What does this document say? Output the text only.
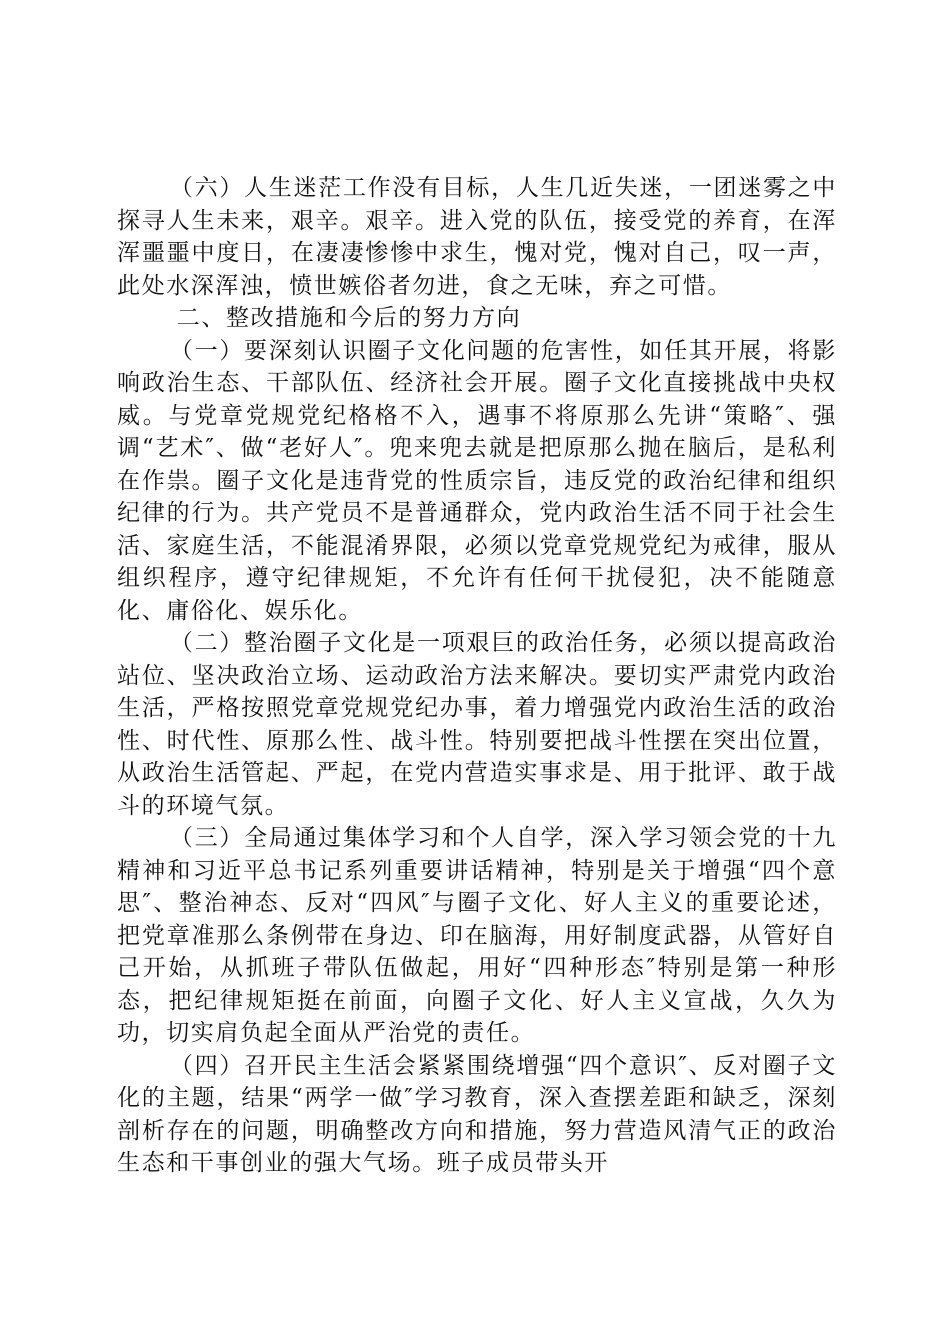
（六）人生迷茫工作没有目标，人生几近失迷，一团迷雾之中探寻人生未来，艰辛。艰辛。进入党的队伍，接受党的养育，在浑浑噩噩中度日，在凄凄惨惨中求生，愧对党，愧对自己，叹一声，此处水深浑浊，愤世嫉俗者勿进，食之无味，弃之可惜。

二、整改措施和今后的努力方向

（一）要深刻认识圈子文化问题的危害性，如任其开展，将影响政治生态、干部队伍、经济社会开展。圈子文化直接挑战中央权威。与党章党规党纪格格不入，遇事不将原那么先讲“策略″、强调“艺术″、做“老好人″。兜来兜去就是把原那么抛在脑后，是私利在作祟。圈子文化是违背党的性质宗旨，违反党的政治纪律和组织纪律的行为。共产党员不是普通群众，党内政治生活不同于社会生活、家庭生活，不能混淆界限，必须以党章党规党纪为戒律，服从组织程序，遵守纪律规矩，不允许有任何干扰侵犯，决不能随意化、庸俗化、娱乐化。

（二）整治圈子文化是一项艰巨的政治任务，必须以提高政治站位、坚决政治立场、运动政治方法来解决。要切实严肃党内政治生活，严格按照党章党规党纪办事，着力增强党内政治生活的政治性、时代性、原那么性、战斗性。特别要把战斗性摆在突出位置，从政治生活管起、严起，在党内营造实事求是、用于批评、敢于战斗的环境气氛。

（三）全局通过集体学习和个人自学，深入学习领会党的十九精神和习近平总书记系列重要讲话精神，特别是关于增强“四个意思″、整治神态、反对“四风″与圈子文化、好人主义的重要论述，把党章准那么条例带在身边、印在脑海，用好制度武器，从管好自己开始，从抓班子带队伍做起，用好“四种形态″特别是第一种形态，把纪律规矩挺在前面，向圈子文化、好人主义宣战，久久为功，切实肩负起全面从严治党的责任。

（四）召开民主生活会紧紧围绕增强“四个意识″、反对圈子文化的主题，结果“两学一做″学习教育，深入查摆差距和缺乏，深刻剖析存在的问题，明确整改方向和措施，努力营造风清气正的政治生态和干事创业的强大气场。班子成员带头开
